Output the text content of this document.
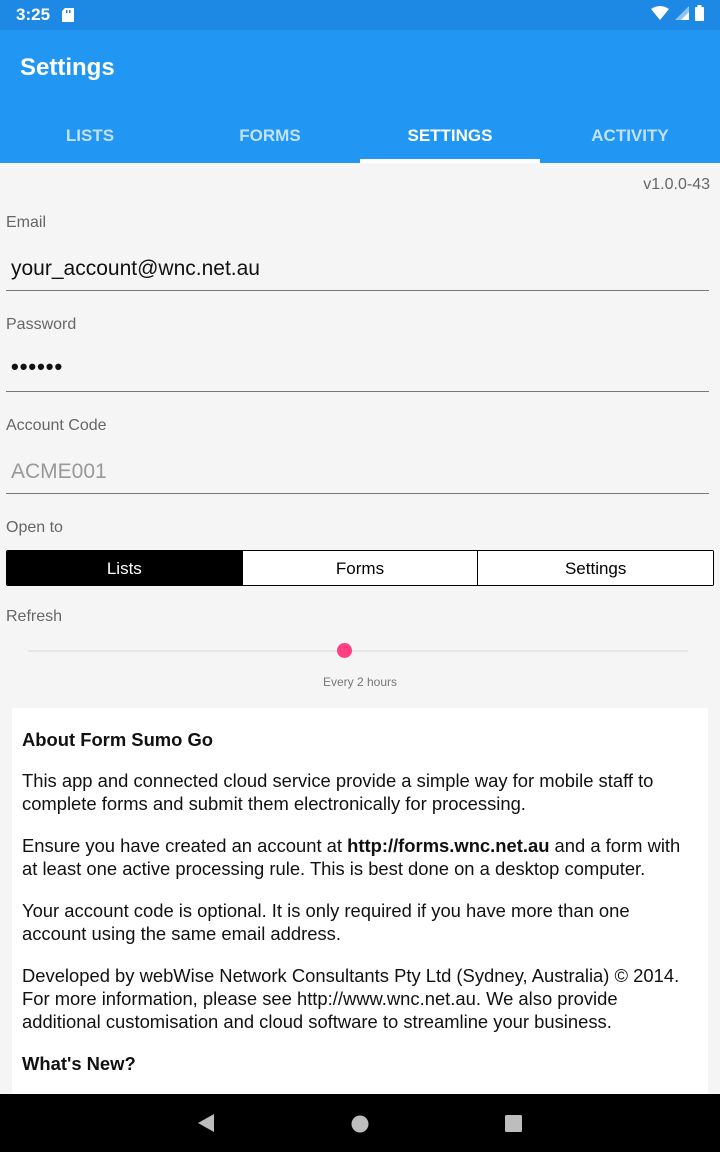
3:25
Settings
LISTS	FORMS	SETTINGS	ACTIVITY
v1.0.0-43
Email
your_account@wnc.net.au
Password
••••••
Account Code
ACME001
Open to
Lists	Forms	Settings
Refresh
Every 2 hours

About Form Sumo Go

This app and connected cloud service provide a simple way for mobile staff to complete forms and submit them electronically for processing.

Ensure you have created an account at http://forms.wnc.net.au and a form with at least one active processing rule. This is best done on a desktop computer.

Your account code is optional. It is only required if you have more than one account using the same email address.

Developed by webWise Network Consultants Pty Ltd (Sydney, Australia) © 2014. For more information, please see http://www.wnc.net.au. We also provide additional customisation and cloud software to streamline your business.

What's New?
